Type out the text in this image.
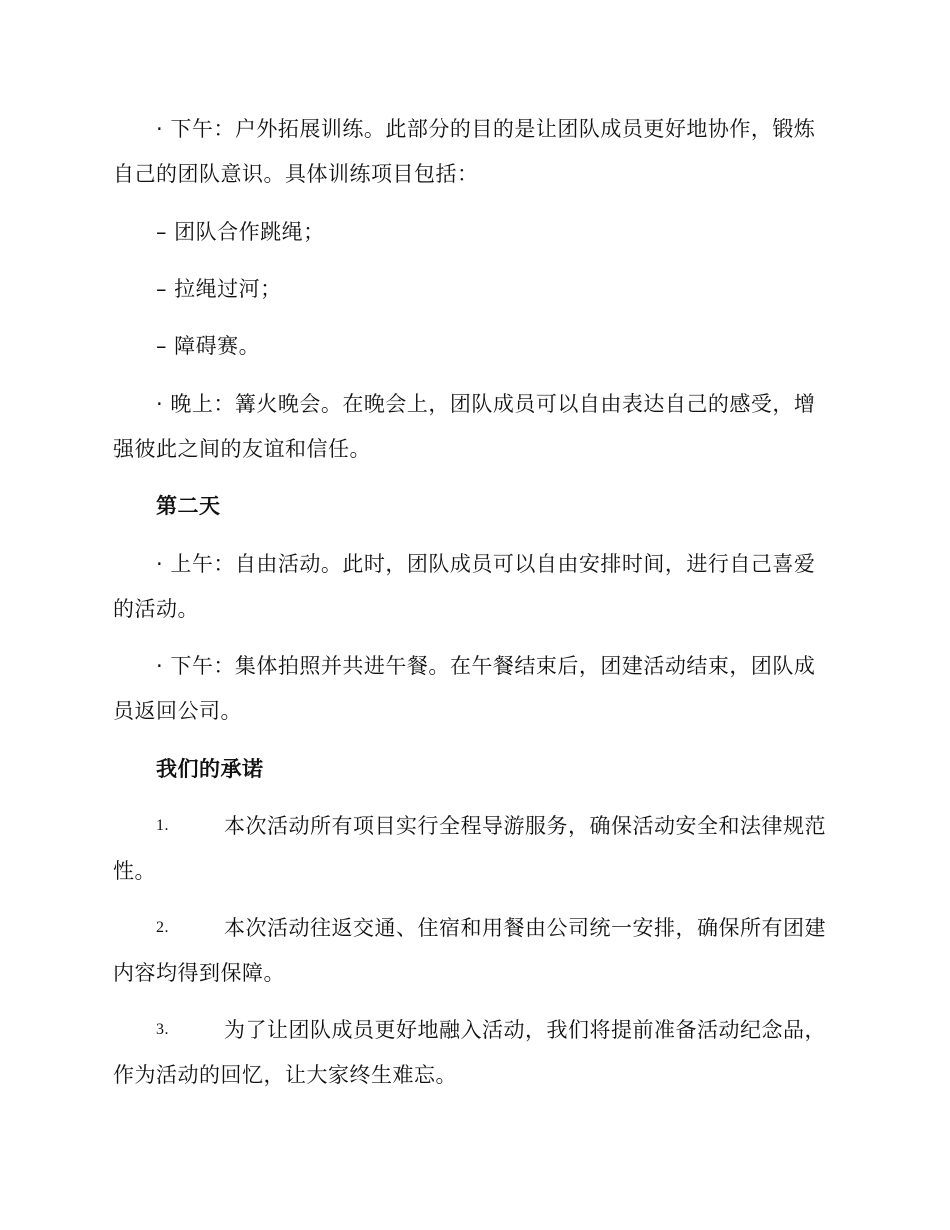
· 下午：户外拓展训练。此部分的目的是让团队成员更好地协作，锻炼
自己的团队意识。具体训练项目包括：
– 团队合作跳绳；
– 拉绳过河；
– 障碍赛。
· 晚上：篝火晚会。在晚会上，团队成员可以自由表达自己的感受，增
强彼此之间的友谊和信任。
第二天
· 上午：自由活动。此时，团队成员可以自由安排时间，进行自己喜爱
的活动。
· 下午：集体拍照并共进午餐。在午餐结束后，团建活动结束，团队成
员返回公司。
我们的承诺
1.	本次活动所有项目实行全程导游服务，确保活动安全和法律规范
性。
2.	本次活动往返交通、住宿和用餐由公司统一安排，确保所有团建
内容均得到保障。
3.	为了让团队成员更好地融入活动，我们将提前准备活动纪念品，
作为活动的回忆，让大家终生难忘。
